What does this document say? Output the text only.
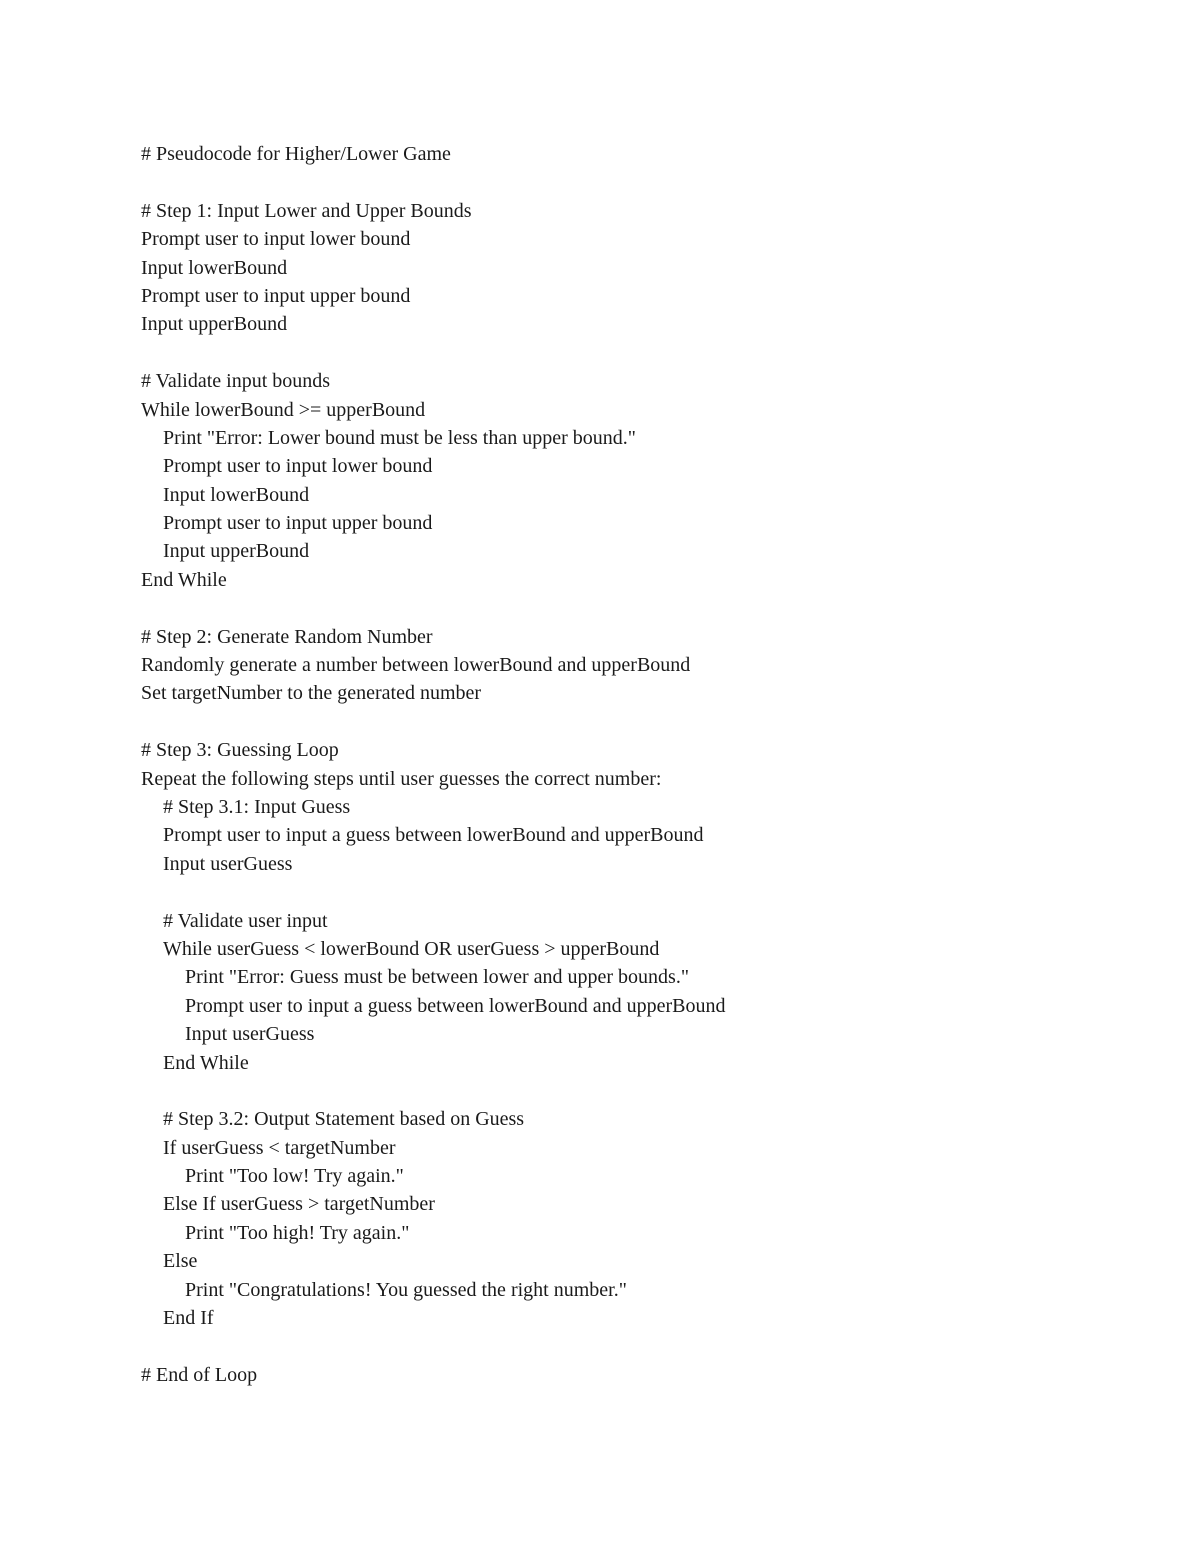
# Pseudocode for Higher/Lower Game
# Step 1: Input Lower and Upper Bounds
Prompt user to input lower bound
Input lowerBound
Prompt user to input upper bound
Input upperBound
# Validate input bounds
While lowerBound >= upperBound
Print "Error: Lower bound must be less than upper bound."
Prompt user to input lower bound
Input lowerBound
Prompt user to input upper bound
Input upperBound
End While
# Step 2: Generate Random Number
Randomly generate a number between lowerBound and upperBound
Set targetNumber to the generated number
# Step 3: Guessing Loop
Repeat the following steps until user guesses the correct number:
# Step 3.1: Input Guess
Prompt user to input a guess between lowerBound and upperBound
Input userGuess
# Validate user input
While userGuess < lowerBound OR userGuess > upperBound
Print "Error: Guess must be between lower and upper bounds."
Prompt user to input a guess between lowerBound and upperBound
Input userGuess
End While
# Step 3.2: Output Statement based on Guess
If userGuess < targetNumber
Print "Too low! Try again."
Else If userGuess > targetNumber
Print "Too high! Try again."
Else
Print "Congratulations! You guessed the right number."
End If
# End of Loop
